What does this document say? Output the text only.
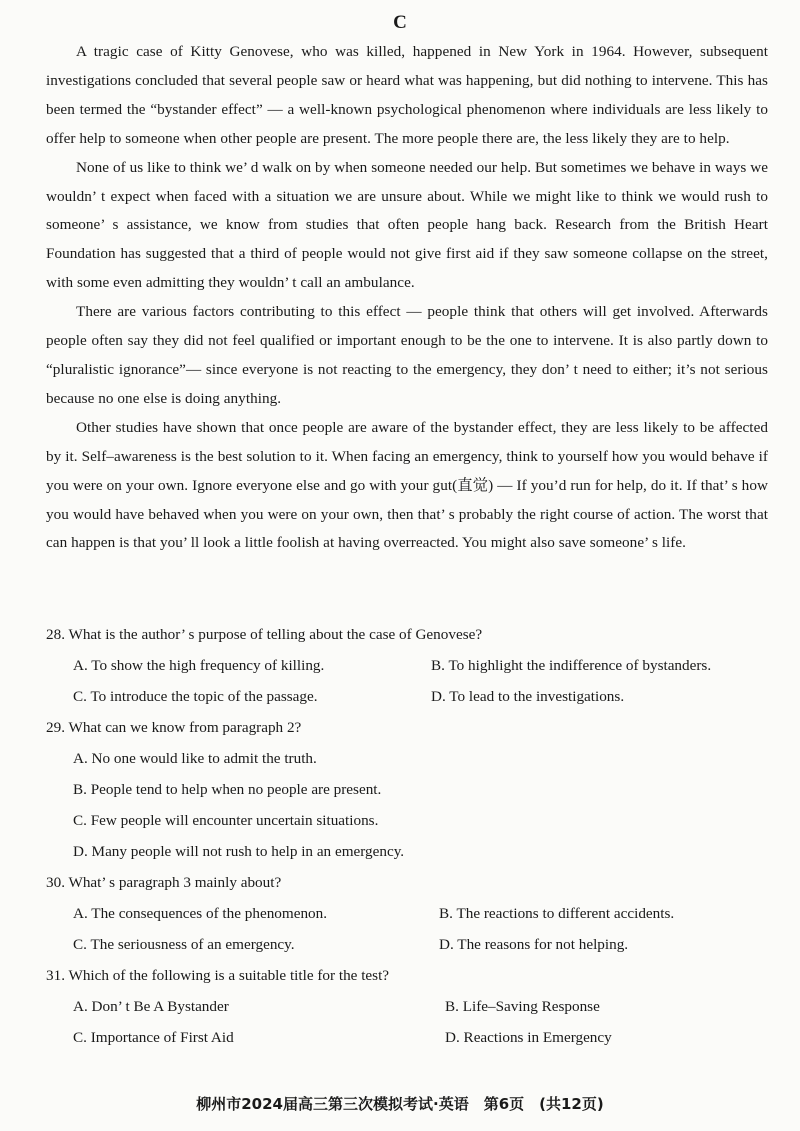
C

A tragic case of Kitty Genovese, who was killed, happened in New York in 1964. However, subsequent investigations concluded that several people saw or heard what was happening, but did nothing to intervene. This has been termed the “bystander effect” — a well-known psychological phenomenon where individuals are less likely to offer help to someone when other people are present. The more people there are, the less likely they are to help.

None of us like to think we’ d walk on by when someone needed our help. But sometimes we behave in ways we wouldn’ t expect when faced with a situation we are unsure about. While we might like to think we would rush to someone’ s assistance, we know from studies that often people hang back. Research from the British Heart Foundation has suggested that a third of people would not give first aid if they saw someone collapse on the street, with some even admitting they wouldn’ t call an ambulance.

There are various factors contributing to this effect — people think that others will get involved. Afterwards people often say they did not feel qualified or important enough to be the one to intervene. It is also partly down to “pluralistic ignorance”— since everyone is not reacting to the emergency, they don’ t need to either; it’s not serious because no one else is doing anything.

Other studies have shown that once people are aware of the bystander effect, they are less likely to be affected by it. Self–awareness is the best solution to it. When facing an emergency, think to yourself how you would behave if you were on your own. Ignore everyone else and go with your gut(直觉) — If you’d run for help, do it. If that’ s how you would have behaved when you were on your own, then that’ s probably the right course of action. The worst that can happen is that you’ ll look a little foolish at having overreacted. You might also save someone’ s life.

28. What is the author’ s purpose of telling about the case of Genovese?
A. To show the high frequency of killing.	B. To highlight the indifference of bystanders.
C. To introduce the topic of the passage.	D. To lead to the investigations.
29. What can we know from paragraph 2?
A. No one would like to admit the truth.
B. People tend to help when no people are present.
C. Few people will encounter uncertain situations.
D. Many people will not rush to help in an emergency.
30. What’ s paragraph 3 mainly about?
A. The consequences of the phenomenon.	B. The reactions to different accidents.
C. The seriousness of an emergency.	D. The reasons for not helping.
31. Which of the following is a suitable title for the test?
A. Don’ t Be A Bystander	B. Life–Saving Response
C. Importance of First Aid	D. Reactions in Emergency
柳州市2024届高三第三次模拟考试·英语　第6页　(共12页)
